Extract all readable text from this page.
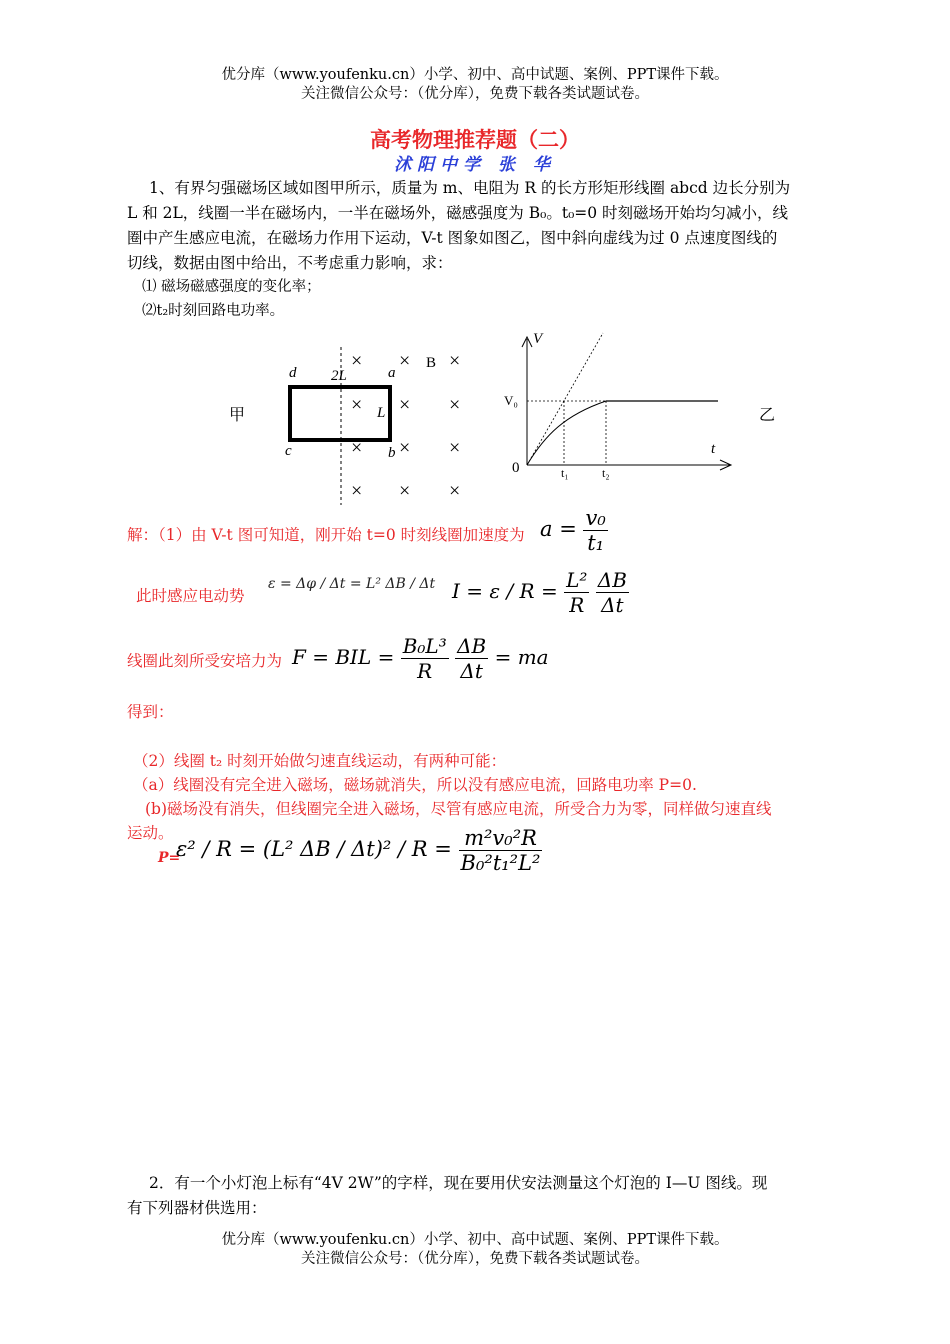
优分库（www.youfenku.cn）小学、初中、高中试题、案例、PPT课件下载。
关注微信公众号：（优分库），免费下载各类试题试卷。
高考物理推荐题（二）
沭阳中学 张 华
1、有界匀强磁场区域如图甲所示，质量为 m、电阻为 R 的长方形矩形线圈 abcd 边长分别为
L 和 2L，线圈一半在磁场内，一半在磁场外，磁感强度为 B₀。t₀=0 时刻磁场开始均匀减小，线
圈中产生感应电流，在磁场力作用下运动，V-t 图象如图乙，图中斜向虚线为过 0 点速度图线的
切线，数据由图中给出，不考虑重力影响，求：
⑴ 磁场磁感强度的变化率；
⑵t₂时刻回路电功率。
甲	乙
× × ×
× × ×
× × ×
× × ×
B
d	a
c	b
2L
L
V
V₀
t
0	t₁	t₂
解：（1）由 V-t 图可知道，刚开始 t=0 时刻线圈加速度为 $a = \frac{\text{v₀}}{\text{t₁}}$
此时感应电动势
ε = Δφ / Δt = L² ΔB / Δt $I = \varepsilon / R = \frac{\text{L²}}{R}$
$\frac{\Delta B}{\Delta t}$
线圈此刻所受安培力为 F = BIL = $\frac{\text{B₀L³}}{R}$
$\frac{\Delta B}{\Delta t}$ = ma
得到：
（2）线圈 t₂ 时刻开始做匀速直线运动，有两种可能：
（a）线圈没有完全进入磁场，磁场就消失，所以没有感应电流，回路电功率 P=0.
(b)磁场没有消失，但线圈完全进入磁场，尽管有感应电流，所受合力为零，同样做匀速直线
运动。
P=
ε² / R = (L² $\Delta B / \Delta t)^2 / R = \frac{\text{m²v₀²R}}{\text{B₀²t₁²L²}}$
2．有一个小灯泡上标有“4V 2W”的字样，现在要用伏安法测量这个灯泡的 I—U 图线。现
有下列器材供选用：
优分库（www.youfenku.cn）小学、初中、高中试题、案例、PPT课件下载。
关注微信公众号：（优分库），免费下载各类试题试卷。
